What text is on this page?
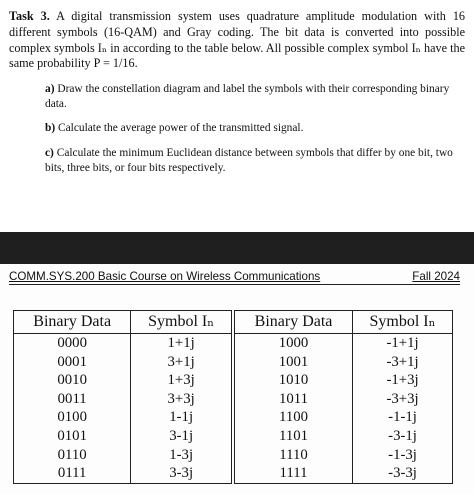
Task 3. A digital transmission system uses quadrature amplitude modulation with 16 different symbols (16-QAM) and Gray coding. The bit data is converted into possible complex symbols Iₙ in according to the table below. All possible complex symbol Iₙ have the same probability P = 1/16.
a) Draw the constellation diagram and label the symbols with their corresponding binary data.
b) Calculate the average power of the transmitted signal.
c) Calculate the minimum Euclidean distance between symbols that differ by one bit, two bits, three bits, or four bits respectively.
COMM.SYS.200 Basic Course on Wireless Communications	Fall 2024
Binary Data	Symbol Iₙ	Binary Data	Symbol Iₙ
0000	1+1j	1000	-1+1j
0001	3+1j	1001	-3+1j
0010	1+3j	1010	-1+3j
0011	3+3j	1011	-3+3j
0100	1-1j	1100	-1-1j
0101	3-1j	1101	-3-1j
0110	1-3j	1110	-1-3j
0111	3-3j	1111	-3-3j
